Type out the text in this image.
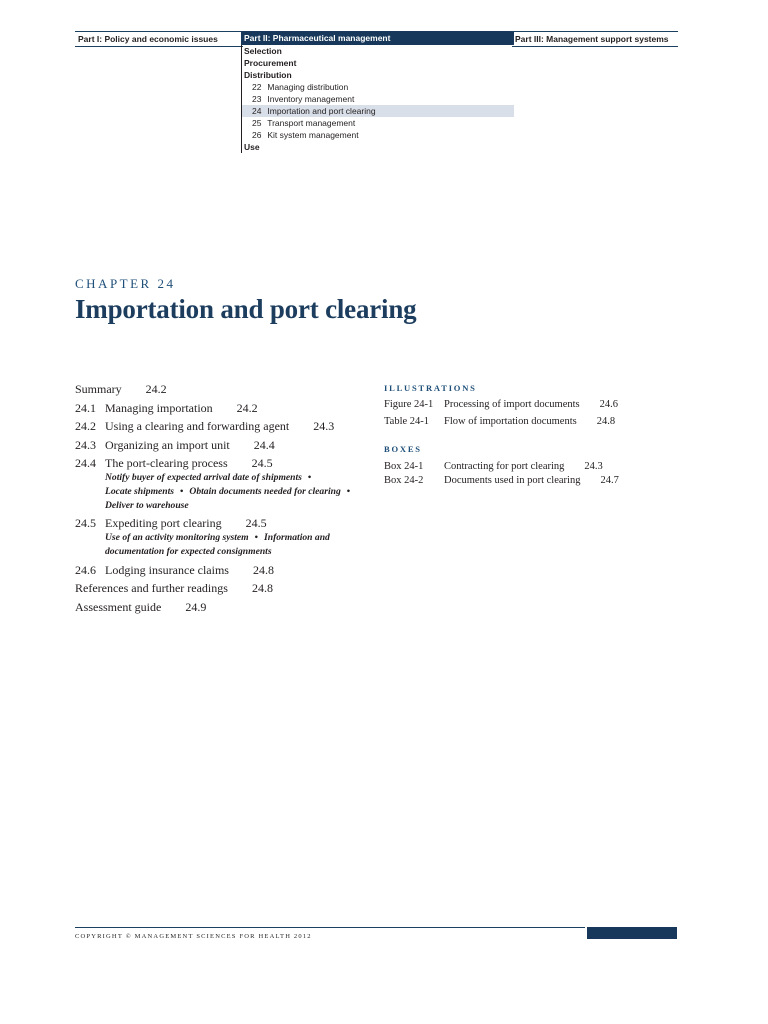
Part I: Policy and economic issues	Part II: Pharmaceutical management	Part III: Management support systems
Selection
Procurement
Distribution
22 Managing distribution
23 Inventory management
24 Importation and port clearing
25 Transport management
26 Kit system management
Use
CHAPTER 24
Importation and port clearing
Summary 24.2
24.1 Managing importation 24.2
24.2 Using a clearing and forwarding agent 24.3
24.3 Organizing an import unit 24.4
24.4 The port-clearing process 24.5
Notify buyer of expected arrival date of shipments •Locate shipments • Obtain documents needed for clearing •Deliver to warehouse
24.5 Expediting port clearing 24.5
Use of an activity monitoring system • Information and documentation for expected consignments
24.6 Lodging insurance claims 24.8
References and further readings 24.8
Assessment guide 24.9
ILLUSTRATIONS
Figure 24-1 Processing of import documents 24.6
Table 24-1 Flow of importation documents 24.8
BOXES
Box 24-1 Contracting for port clearing 24.3
Box 24-2 Documents used in port clearing 24.7
COPYRIGHT © MANAGEMENT SCIENCES FOR HEALTH 2012
